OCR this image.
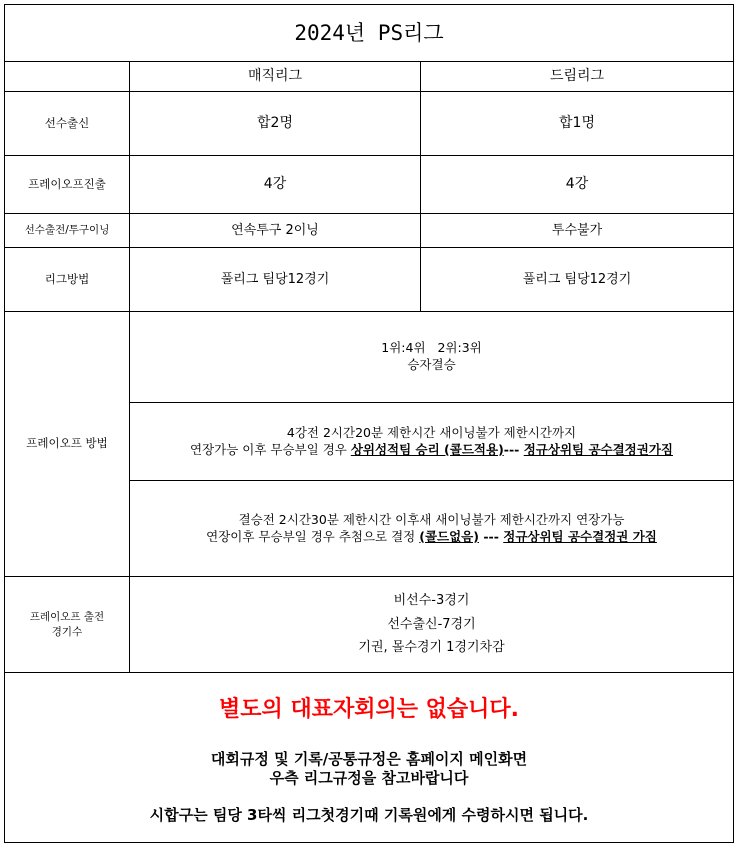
2024년 PS리그		
	매직리그	드림리그
선수출신	합2명	합1명
프레이오프진출	4강	4강
선수출전/투구이닝	연속투구 2이닝	투수불가
리그방법	풀리그 팀당12경기	풀리그 팀당12경기
프레이오프 방법	1위:4위   2위:3위
승자결승	

	4강전 2시간20분 제한시간 새이닝불가 제한시간까지
연장가능 이후 무승부일 경우 상위성적팀 승리 (콜드적용)--- 정규상위팀 공수결정권가짐	

	결승전 2시간30분 제한시간 이후새 새이닝불가 제한시간까지 연장가능
연장이후 무승부일 경우 추첨으로 결정 (콜드없음) --- 정규상위팀 공수결정권 가짐	

프레이오프 출전
경기수	비선수-3경기
선수출신-7경기
기권, 몰수경기 1경기차감	

별도의 대표자회의는 없습니다.
대회규정 및 기록/공통규정은 홈페이지 메인화면
우측 리그규정을 참고바랍니다
시합구는 팀당 3타씩 리그첫경기때 기록원에게 수령하시면 됩니다.		
